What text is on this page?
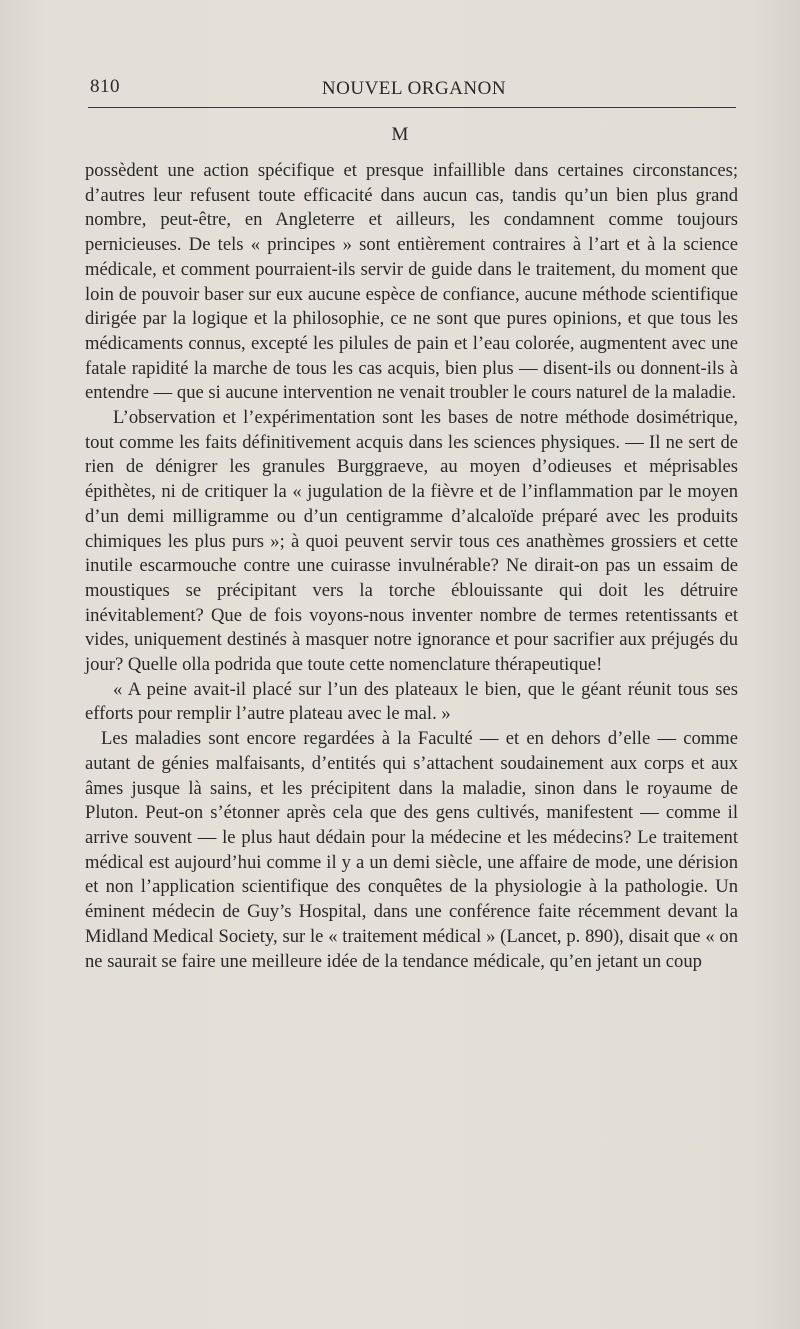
810	NOUVEL ORGANON
M

possèdent une action spécifique et presque infaillible dans certaines circonstances; d’autres leur refusent toute efficacité dans aucun cas, tandis qu’un bien plus grand nombre, peut-être, en Angleterre et ailleurs, les condamnent comme toujours pernicieuses. De tels « principes » sont entièrement contraires à l’art et à la science médicale, et comment pourraient-ils servir de guide dans le traitement, du moment que loin de pouvoir baser sur eux aucune espèce de confiance, aucune méthode scientifique dirigée par la logique et la philosophie, ce ne sont que pures opinions, et que tous les médicaments connus, excepté les pilules de pain et l’eau colorée, augmentent avec une fatale rapidité la marche de tous les cas acquis, bien plus — disent-ils ou donnent-ils à entendre — que si aucune intervention ne venait troubler le cours naturel de la maladie.

L’observation et l’expérimentation sont les bases de notre méthode dosimétrique, tout comme les faits définitivement acquis dans les sciences physiques. — Il ne sert de rien de dénigrer les granules Burggraeve, au moyen d’odieuses et méprisables épithètes, ni de critiquer la « jugulation de la fièvre et de l’inflammation par le moyen d’un demi milligramme ou d’un centigramme d’alcaloïde préparé avec les produits chimiques les plus purs »; à quoi peuvent servir tous ces anathèmes grossiers et cette inutile escarmouche contre une cuirasse invulnérable? Ne dirait-on pas un essaim de moustiques se précipitant vers la torche éblouissante qui doit les détruire inévitablement? Que de fois voyons-nous inventer nombre de termes retentissants et vides, uniquement destinés à masquer notre ignorance et pour sacrifier aux préjugés du jour? Quelle olla podrida que toute cette nomenclature thérapeutique!

« A peine avait-il placé sur l’un des plateaux le bien, que le géant réunit tous ses efforts pour remplir l’autre plateau avec le mal. »

Les maladies sont encore regardées à la Faculté — et en dehors d’elle — comme autant de génies malfaisants, d’entités qui s’attachent soudainement aux corps et aux âmes jusque là sains, et les précipitent dans la maladie, sinon dans le royaume de Pluton. Peut-on s’étonner après cela que des gens cultivés, manifestent — comme il arrive souvent — le plus haut dédain pour la médecine et les médecins? Le traitement médical est aujourd’hui comme il y a un demi siècle, une affaire de mode, une dérision et non l’application scientifique des conquêtes de la physiologie à la pathologie. Un éminent médecin de Guy’s Hospital, dans une conférence faite récemment devant la Midland Medical Society, sur le « traitement médical » (Lancet, p. 890), disait que « on ne saurait se faire une meilleure idée de la tendance médicale, qu’en jetant un coup
